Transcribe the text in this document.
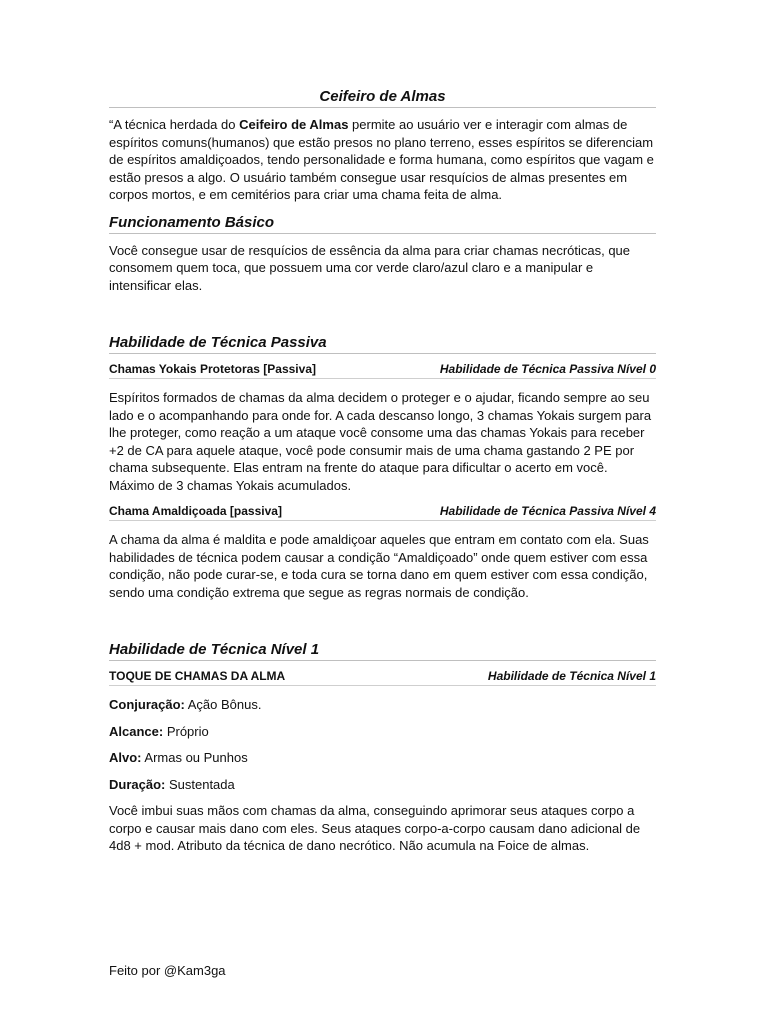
Ceifeiro de Almas

“A técnica herdada do Ceifeiro de Almas permite ao usuário ver e interagir com almas de espíritos comuns(humanos) que estão presos no plano terreno, esses espíritos se diferenciam de espíritos amaldiçoados, tendo personalidade e forma humana, como espíritos que vagam e estão presos a algo. O usuário também consegue usar resquícios de almas presentes em corpos mortos, e em cemitérios para criar uma chama feita de alma.

Funcionamento Básico

Você consegue usar de resquícios de essência da alma para criar chamas necróticas, que consomem quem toca, que possuem uma cor verde claro/azul claro e a manipular e intensificar elas.

Habilidade de Técnica Passiva
Chamas Yokais Protetoras [Passiva]	Habilidade de Técnica Passiva Nível 0

Espíritos formados de chamas da alma decidem o proteger e o ajudar, ficando sempre ao seu lado e o acompanhando para onde for. A cada descanso longo, 3 chamas Yokais surgem para lhe proteger, como reação a um ataque você consome uma das chamas Yokais para receber +2 de CA para aquele ataque, você pode consumir mais de uma chama gastando 2 PE por chama subsequente. Elas entram na frente do ataque para dificultar o acerto em você. Máximo de 3 chamas Yokais acumulados.

Chama Amaldiçoada [passiva]	Habilidade de Técnica Passiva Nível 4

A chama da alma é maldita e pode amaldiçoar aqueles que entram em contato com ela. Suas habilidades de técnica podem causar a condição “Amaldiçoado” onde quem estiver com essa condição, não pode curar-se, e toda cura se torna dano em quem estiver com essa condição, sendo uma condição extrema que segue as regras normais de condição.

Habilidade de Técnica Nível 1
TOQUE DE CHAMAS DA ALMA	Habilidade de Técnica Nível 1
Conjuração: Ação Bônus.
Alcance: Próprio
Alvo: Armas ou Punhos
Duração: Sustentada

Você imbui suas mãos com chamas da alma, conseguindo aprimorar seus ataques corpo a corpo e causar mais dano com eles. Seus ataques corpo-a-corpo causam dano adicional de 4d8 + mod. Atributo da técnica de dano necrótico. Não acumula na Foice de almas.

Feito por @Kam3ga
